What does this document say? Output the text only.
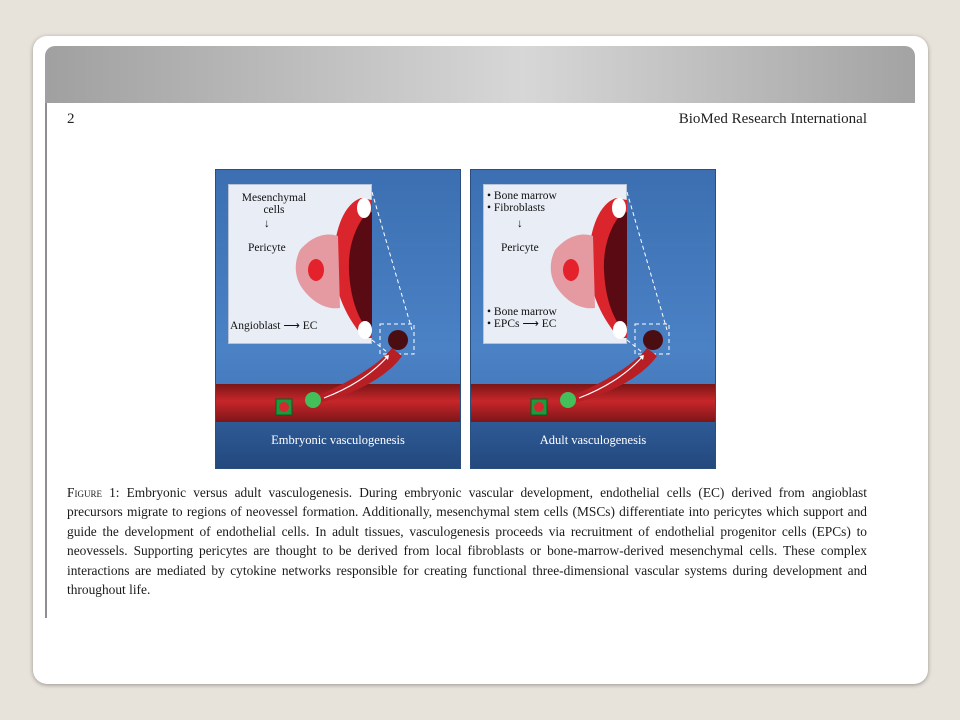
2	BioMed Research International
Mesenchymal
cells
↓
Pericyte
Angioblast ⟶ EC
Embryonic vasculogenesis
• Bone marrow
• Fibroblasts
↓
Pericyte
• Bone marrow
• EPCs ⟶ EC
Adult vasculogenesis
Figure 1: Embryonic versus adult vasculogenesis. During embryonic vascular development, endothelial cells (EC) derived from angioblast precursors migrate to regions of neovessel formation. Additionally, mesenchymal stem cells (MSCs) differentiate into pericytes which support and guide the development of endothelial cells. In adult tissues, vasculogenesis proceeds via recruitment of endothelial progenitor cells (EPCs) to neovessels. Supporting pericytes are thought to be derived from local fibroblasts or bone-marrow-derived mesenchymal cells. These complex interactions are mediated by cytokine networks responsible for creating functional three-dimensional vascular systems during development and throughout life.
